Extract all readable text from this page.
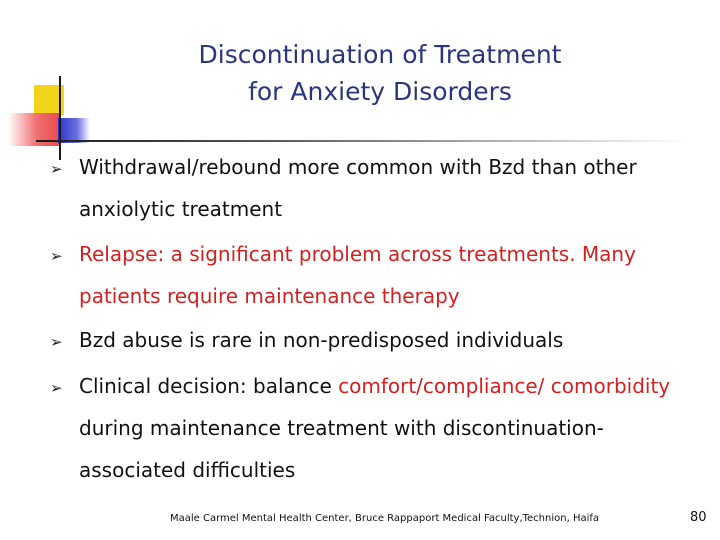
Discontinuation of Treatment
for Anxiety Disorders
➢ Withdrawal/rebound more common with Bzd than other anxiolytic treatment
➢ Relapse: a significant problem across treatments. Many patients require maintenance therapy
➢ Bzd abuse is rare in non-predisposed individuals
➢ Clinical decision: balance comfort/compliance/ comorbidity during maintenance treatment with discontinuation-associated difficulties
Maale Carmel Mental Health Center, Bruce Rappaport Medical Faculty,Technion, Haifa	80
